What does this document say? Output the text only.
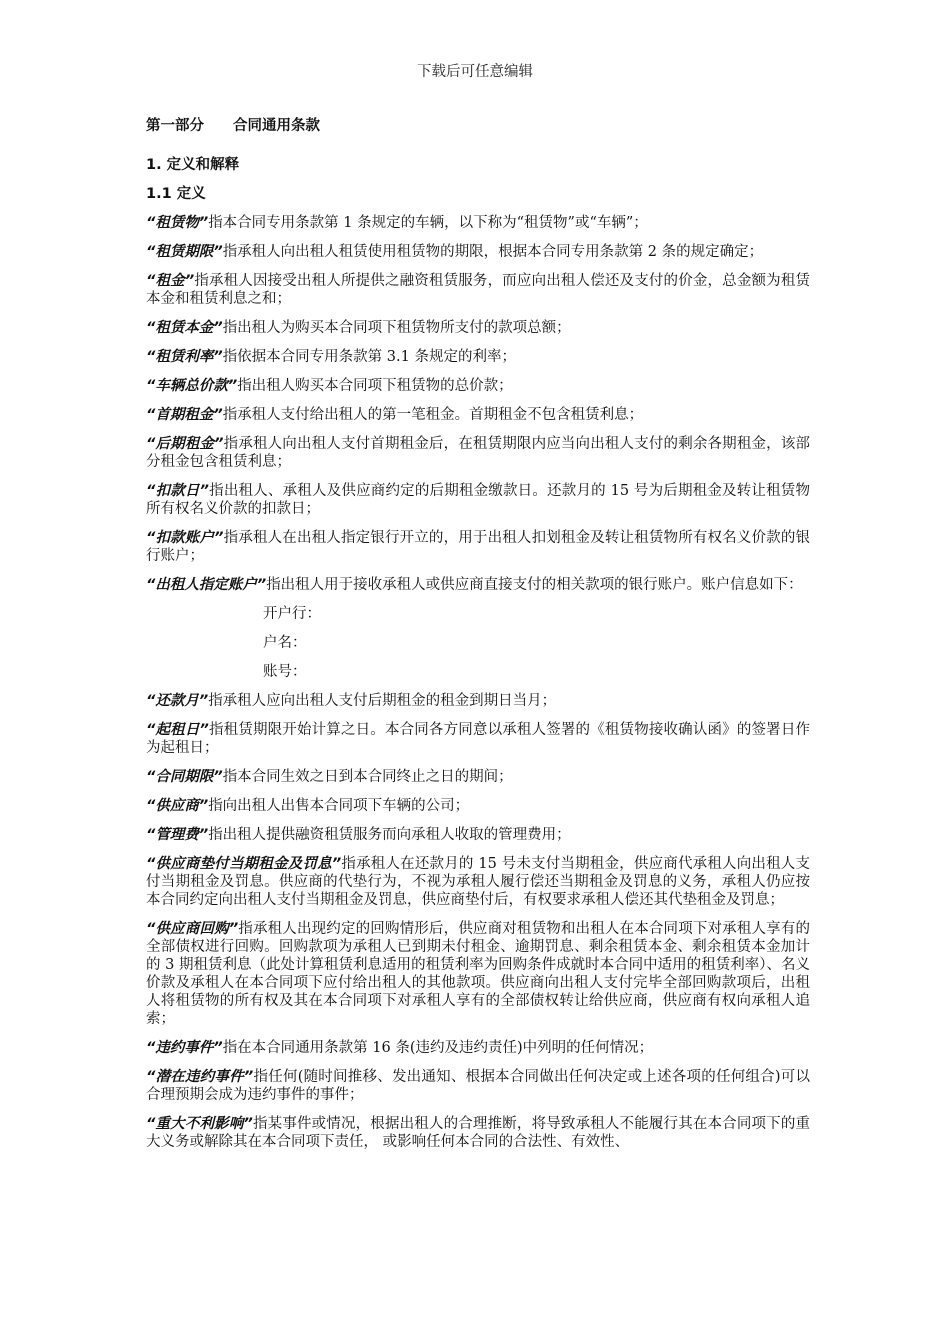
下载后可任意编辑
第一部分　　合同通用条款
1. 定义和解释
1.1 定义

“租赁物”指本合同专用条款第 1 条规定的车辆，以下称为“租赁物”或“车辆”；

“租赁期限”指承租人向出租人租赁使用租赁物的期限，根据本合同专用条款第 2 条的规定确定；

“租金”指承租人因接受出租人所提供之融资租赁服务，而应向出租人偿还及支付的价金，总金额为租赁本金和租赁利息之和；

“租赁本金”指出租人为购买本合同项下租赁物所支付的款项总额；

“租赁利率”指依据本合同专用条款第 3.1 条规定的利率；

“车辆总价款”指出租人购买本合同项下租赁物的总价款；

“首期租金”指承租人支付给出租人的第一笔租金。首期租金不包含租赁利息；

“后期租金”指承租人向出租人支付首期租金后，在租赁期限内应当向出租人支付的剩余各期租金，该部分租金包含租赁利息；

“扣款日”指出租人、承租人及供应商约定的后期租金缴款日。还款月的 15 号为后期租金及转让租赁物所有权名义价款的扣款日；

“扣款账户”指承租人在出租人指定银行开立的，用于出租人扣划租金及转让租赁物所有权名义价款的银行账户；

“出租人指定账户”指出租人用于接收承租人或供应商直接支付的相关款项的银行账户。账户信息如下：

开户行：

户名：

账号：

“还款月”指承租人应向出租人支付后期租金的租金到期日当月；

“起租日”指租赁期限开始计算之日。本合同各方同意以承租人签署的《租赁物接收确认函》的签署日作为起租日；

“合同期限”指本合同生效之日到本合同终止之日的期间；

“供应商”指向出租人出售本合同项下车辆的公司；

“管理费”指出租人提供融资租赁服务而向承租人收取的管理费用；

“供应商垫付当期租金及罚息”指承租人在还款月的 15 号未支付当期租金，供应商代承租人向出租人支付当期租金及罚息。供应商的代垫行为，不视为承租人履行偿还当期租金及罚息的义务，承租人仍应按本合同约定向出租人支付当期租金及罚息，供应商垫付后，有权要求承租人偿还其代垫租金及罚息；

“供应商回购”指承租人出现约定的回购情形后，供应商对租赁物和出租人在本合同项下对承租人享有的全部债权进行回购。回购款项为承租人已到期未付租金、逾期罚息、剩余租赁本金、剩余租赁本金加计的 3 期租赁利息（此处计算租赁利息适用的租赁利率为回购条件成就时本合同中适用的租赁利率）、名义价款及承租人在本合同项下应付给出租人的其他款项。供应商向出租人支付完毕全部回购款项后，出租人将租赁物的所有权及其在本合同项下对承租人享有的全部债权转让给供应商，供应商有权向承租人追索；

“违约事件”指在本合同通用条款第 16 条(违约及违约责任)中列明的任何情况；

“潜在违约事件”指任何(随时间推移、发出通知、根据本合同做出任何决定或上述各项的任何组合)可以合理预期会成为违约事件的事件；

“重大不利影响”指某事件或情况，根据出租人的合理推断，将导致承租人不能履行其在本合同项下的重大义务或解除其在本合同项下责任， 或影响任何本合同的合法性、有效性、
